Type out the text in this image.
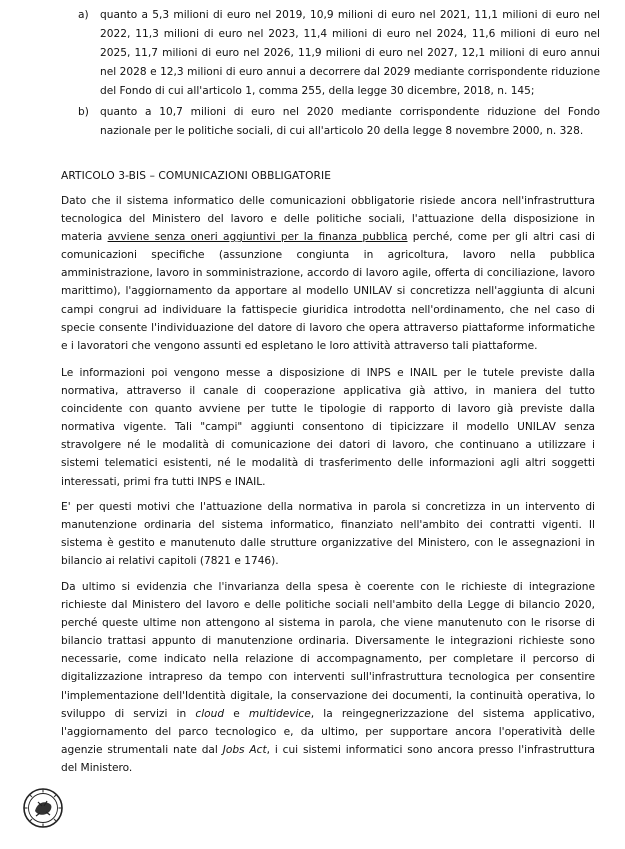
a) quanto a 5,3 milioni di euro nel 2019, 10,9 milioni di euro nel 2021, 11,1 milioni di euro nel 2022, 11,3 milioni di euro nel 2023, 11,4 milioni di euro nel 2024, 11,6 milioni di euro nel 2025, 11,7 milioni di euro nel 2026, 11,9 milioni di euro nel 2027, 12,1 milioni di euro annui nel 2028 e 12,3 milioni di euro annui a decorrere dal 2029 mediante corrispondente riduzione del Fondo di cui all'articolo 1, comma 255, della legge 30 dicembre, 2018, n. 145;
b) quanto a 10,7 milioni di euro nel 2020 mediante corrispondente riduzione del Fondo nazionale per le politiche sociali, di cui all'articolo 20 della legge 8 novembre 2000, n. 328.
ARTICOLO 3-BIS – COMUNICAZIONI OBBLIGATORIE

Dato che il sistema informatico delle comunicazioni obbligatorie risiede ancora nell'infrastruttura tecnologica del Ministero del lavoro e delle politiche sociali, l'attuazione della disposizione in materia avviene senza oneri aggiuntivi per la finanza pubblica perché, come per gli altri casi di comunicazioni specifiche (assunzione congiunta in agricoltura, lavoro nella pubblica amministrazione, lavoro in somministrazione, accordo di lavoro agile, offerta di conciliazione, lavoro marittimo), l'aggiornamento da apportare al modello UNILAV si concretizza nell'aggiunta di alcuni campi congrui ad individuare la fattispecie giuridica introdotta nell'ordinamento, che nel caso di specie consente l'individuazione del datore di lavoro che opera attraverso piattaforme informatiche e i lavoratori che vengono assunti ed espletano le loro attività attraverso tali piattaforme.

Le informazioni poi vengono messe a disposizione di INPS e INAIL per le tutele previste dalla normativa, attraverso il canale di cooperazione applicativa già attivo, in maniera del tutto coincidente con quanto avviene per tutte le tipologie di rapporto di lavoro già previste dalla normativa vigente. Tali "campi" aggiunti consentono di tipicizzare il modello UNILAV senza stravolgere né le modalità di comunicazione dei datori di lavoro, che continuano a utilizzare i sistemi telematici esistenti, né le modalità di trasferimento delle informazioni agli altri soggetti interessati, primi fra tutti INPS e INAIL.

E' per questi motivi che l'attuazione della normativa in parola si concretizza in un intervento di manutenzione ordinaria del sistema informatico, finanziato nell'ambito dei contratti vigenti. Il sistema è gestito e manutenuto dalle strutture organizzative del Ministero, con le assegnazioni in bilancio ai relativi capitoli (7821 e 1746).

Da ultimo si evidenzia che l'invarianza della spesa è coerente con le richieste di integrazione richieste dal Ministero del lavoro e delle politiche sociali nell'ambito della Legge di bilancio 2020, perché queste ultime non attengono al sistema in parola, che viene manutenuto con le risorse di bilancio trattasi appunto di manutenzione ordinaria. Diversamente le integrazioni richieste sono necessarie, come indicato nella relazione di accompagnamento, per completare il percorso di digitalizzazione intrapreso da tempo con interventi sull'infrastruttura tecnologica per consentire l'implementazione dell'Identità digitale, la conservazione dei documenti, la continuità operativa, lo sviluppo di servizi in cloud e multidevice, la reingegnerizzazione del sistema applicativo, l'aggiornamento del parco tecnologico e, da ultimo, per supportare ancora l'operatività delle agenzie strumentali nate dal Jobs Act, i cui sistemi informatici sono ancora presso l'infrastruttura del Ministero.
